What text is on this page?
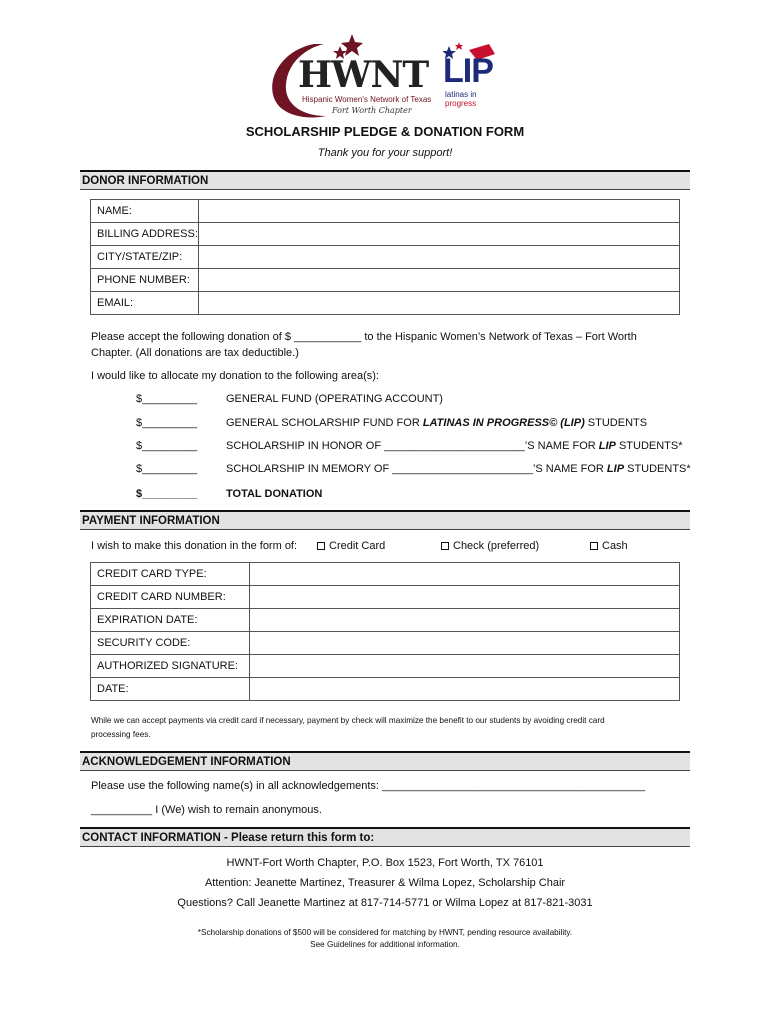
HWNT
Hispanic Women's Network of Texas
Fort Worth Chapter
LIP
latinas in
progress
SCHOLARSHIP PLEDGE & DONATION FORM
Thank you for your support!
DONOR INFORMATION
NAME:	
BILLING ADDRESS:	
CITY/STATE/ZIP:	
PHONE NUMBER:	
EMAIL:	
Please accept the following donation of $ ___________ to the Hispanic Women’s Network of Texas – Fort Worth
Chapter. (All donations are tax deductible.)
I would like to allocate my donation to the following area(s):
$_________	GENERAL FUND (OPERATING ACCOUNT)
$_________	GENERAL SCHOLARSHIP FUND FOR LATINAS IN PROGRESS© (LIP) STUDENTS
$_________	SCHOLARSHIP IN HONOR OF _______________________’S NAME FOR LIP STUDENTS*
$_________	SCHOLARSHIP IN MEMORY OF _______________________’S NAME FOR LIP STUDENTS*
$_________	TOTAL DONATION
PAYMENT INFORMATION
I wish to make this donation in the form of:	Credit Card	Check (preferred)	Cash
CREDIT CARD TYPE:	
CREDIT CARD NUMBER:	
EXPIRATION DATE:	
SECURITY CODE:	
AUTHORIZED SIGNATURE:	
DATE:	
While we can accept payments via credit card if necessary, payment by check will maximize the benefit to our students by avoiding credit card
processing fees.
ACKNOWLEDGEMENT INFORMATION
Please use the following name(s) in all acknowledgements: ___________________________________________
__________ I (We) wish to remain anonymous.
CONTACT INFORMATION - Please return this form to:
HWNT-Fort Worth Chapter, P.O. Box 1523, Fort Worth, TX 76101
Attention: Jeanette Martinez, Treasurer & Wilma Lopez, Scholarship Chair
Questions? Call Jeanette Martinez at 817-714-5771 or Wilma Lopez at 817-821-3031
*Scholarship donations of $500 will be considered for matching by HWNT, pending resource availability.
See Guidelines for additional information.
